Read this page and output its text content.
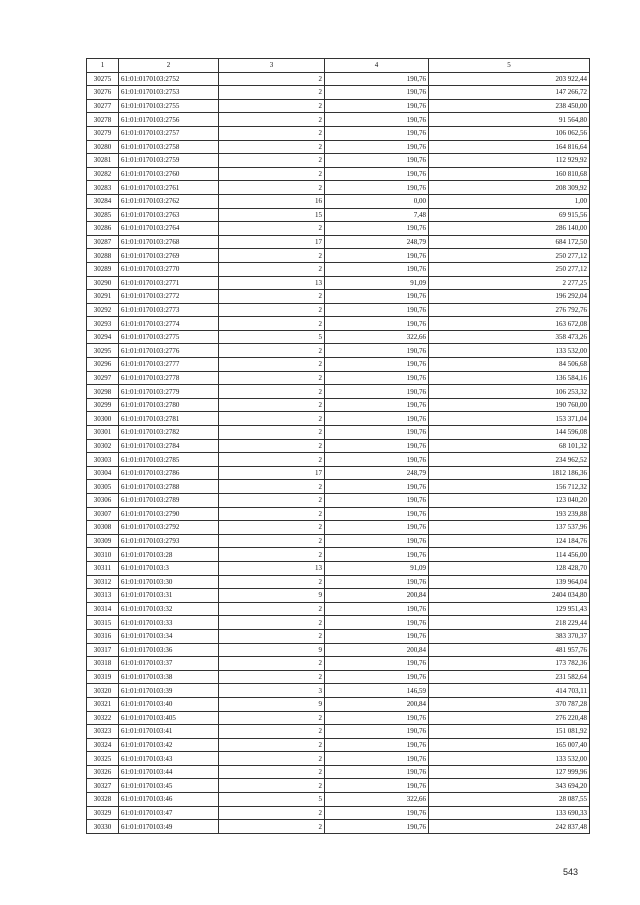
1	2	3	4	5
30275	61:01:0170103:2752	2	190,76	203 922,44
30276	61:01:0170103:2753	2	190,76	147 266,72
30277	61:01:0170103:2755	2	190,76	238 450,00
30278	61:01:0170103:2756	2	190,76	91 564,80
30279	61:01:0170103:2757	2	190,76	106 062,56
30280	61:01:0170103:2758	2	190,76	164 816,64
30281	61:01:0170103:2759	2	190,76	112 929,92
30282	61:01:0170103:2760	2	190,76	160 810,68
30283	61:01:0170103:2761	2	190,76	208 309,92
30284	61:01:0170103:2762	16	0,00	1,00
30285	61:01:0170103:2763	15	7,48	69 915,56
30286	61:01:0170103:2764	2	190,76	286 140,00
30287	61:01:0170103:2768	17	248,79	684 172,50
30288	61:01:0170103:2769	2	190,76	250 277,12
30289	61:01:0170103:2770	2	190,76	250 277,12
30290	61:01:0170103:2771	13	91,09	2 277,25
30291	61:01:0170103:2772	2	190,76	196 292,04
30292	61:01:0170103:2773	2	190,76	276 792,76
30293	61:01:0170103:2774	2	190,76	163 672,08
30294	61:01:0170103:2775	5	322,66	358 473,26
30295	61:01:0170103:2776	2	190,76	133 532,00
30296	61:01:0170103:2777	2	190,76	84 506,68
30297	61:01:0170103:2778	2	190,76	136 584,16
30298	61:01:0170103:2779	2	190,76	106 253,32
30299	61:01:0170103:2780	2	190,76	190 760,00
30300	61:01:0170103:2781	2	190,76	153 371,04
30301	61:01:0170103:2782	2	190,76	144 596,08
30302	61:01:0170103:2784	2	190,76	68 101,32
30303	61:01:0170103:2785	2	190,76	234 962,52
30304	61:01:0170103:2786	17	248,79	1812 186,36
30305	61:01:0170103:2788	2	190,76	156 712,32
30306	61:01:0170103:2789	2	190,76	123 040,20
30307	61:01:0170103:2790	2	190,76	193 239,88
30308	61:01:0170103:2792	2	190,76	137 537,96
30309	61:01:0170103:2793	2	190,76	124 184,76
30310	61:01:0170103:28	2	190,76	114 456,00
30311	61:01:0170103:3	13	91,09	128 428,70
30312	61:01:0170103:30	2	190,76	139 964,04
30313	61:01:0170103:31	9	200,84	2404 034,80
30314	61:01:0170103:32	2	190,76	129 951,43
30315	61:01:0170103:33	2	190,76	218 229,44
30316	61:01:0170103:34	2	190,76	383 370,37
30317	61:01:0170103:36	9	200,84	481 957,76
30318	61:01:0170103:37	2	190,76	173 782,36
30319	61:01:0170103:38	2	190,76	231 582,64
30320	61:01:0170103:39	3	146,59	414 703,11
30321	61:01:0170103:40	9	200,84	370 787,28
30322	61:01:0170103:405	2	190,76	276 220,48
30323	61:01:0170103:41	2	190,76	151 081,92
30324	61:01:0170103:42	2	190,76	165 007,40
30325	61:01:0170103:43	2	190,76	133 532,00
30326	61:01:0170103:44	2	190,76	127 999,96
30327	61:01:0170103:45	2	190,76	343 694,20
30328	61:01:0170103:46	5	322,66	28 087,55
30329	61:01:0170103:47	2	190,76	133 690,33
30330	61:01:0170103:49	2	190,76	242 837,48
543
